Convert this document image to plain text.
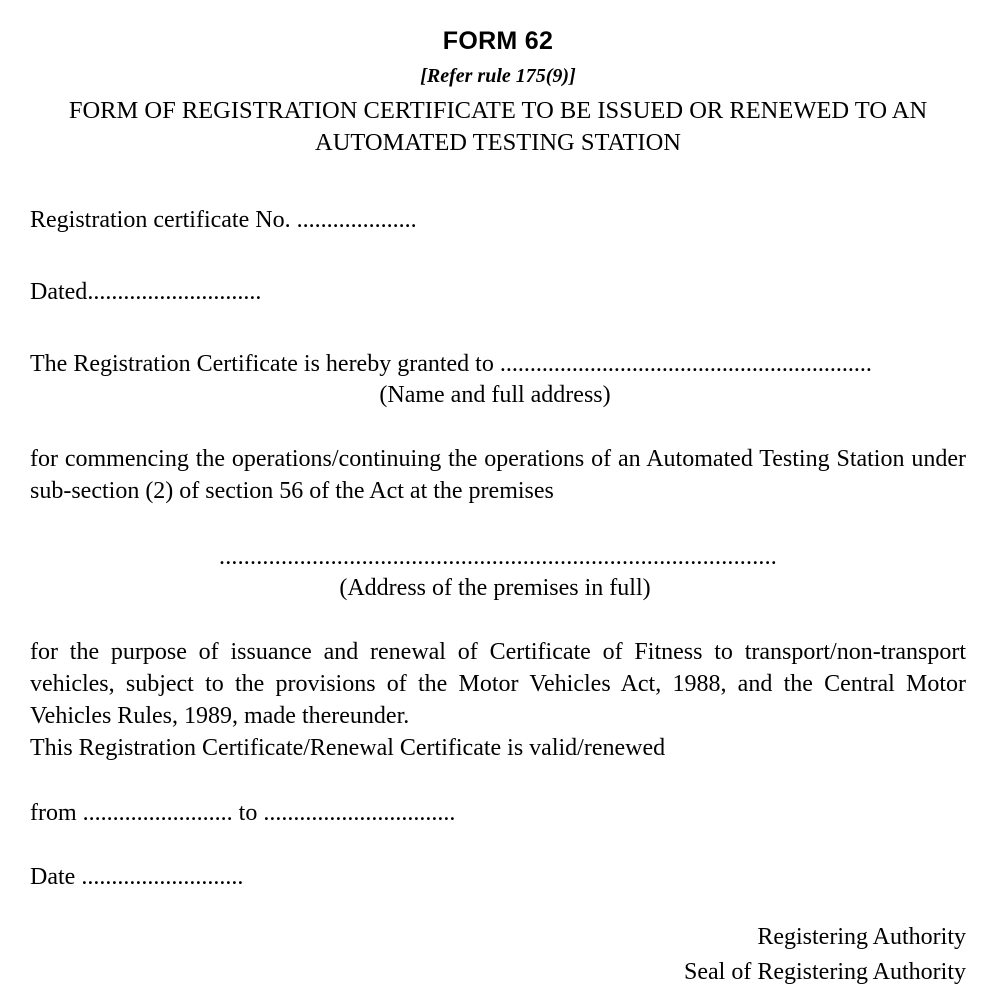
FORM 62
[Refer rule 175(9)]
FORM OF REGISTRATION CERTIFICATE TO BE ISSUED OR RENEWED TO AN
AUTOMATED TESTING STATION
Registration certificate No. ....................
Dated.............................
The Registration Certificate is hereby granted to ..............................................................
(Name and full address)
for commencing the operations/continuing the operations of an Automated Testing Station under sub-section (2) of section 56 of the Act at the premises
..........................................................................................
(Address of the premises in full)
for the purpose of issuance and renewal of Certificate of Fitness to transport/non-transport vehicles, subject to the provisions of the Motor Vehicles Act, 1988, and the Central Motor Vehicles Rules, 1989, made thereunder.
This Registration Certificate/Renewal Certificate is valid/renewed
from ......................... to ................................
Date ...........................
Registering Authority
Seal of Registering Authority
